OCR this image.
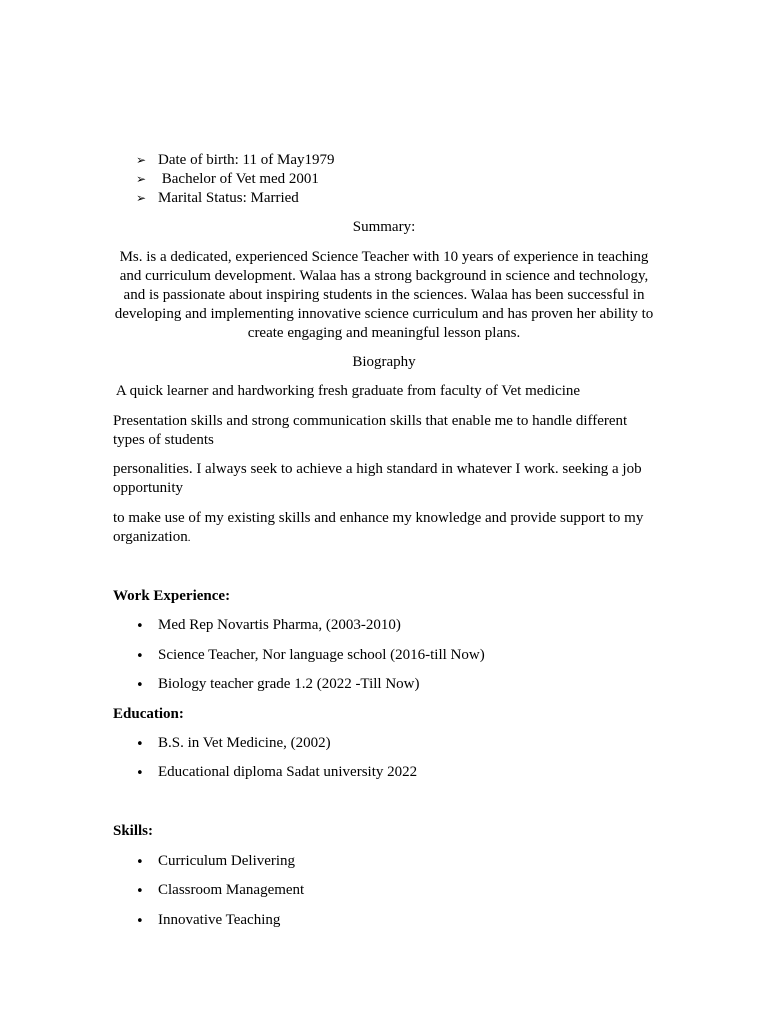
➢ Date of birth: 11 of May1979
➢ Bachelor of Vet med 2001
➢ Marital Status: Married
Summary:
Ms. is a dedicated, experienced Science Teacher with 10 years of experience in teaching and curriculum development. Walaa has a strong background in science and technology, and is passionate about inspiring students in the sciences. Walaa has been successful in developing and implementing innovative science curriculum and has proven her ability to create engaging and meaningful lesson plans.
Biography
A quick learner and hardworking fresh graduate from faculty of Vet medicine
Presentation skills and strong communication skills that enable me to handle different types of students
personalities. I always seek to achieve a high standard in whatever I work. seeking a job opportunity
to make use of my existing skills and enhance my knowledge and provide support to my organization.
Work Experience:
• Med Rep Novartis Pharma, (2003-2010)
• Science Teacher, Nor language school (2016-till Now)
• Biology teacher grade 1.2 (2022 -Till Now)
Education:
• B.S. in Vet Medicine, (2002)
• Educational diploma Sadat university 2022
Skills:
• Curriculum Delivering
• Classroom Management
• Innovative Teaching
